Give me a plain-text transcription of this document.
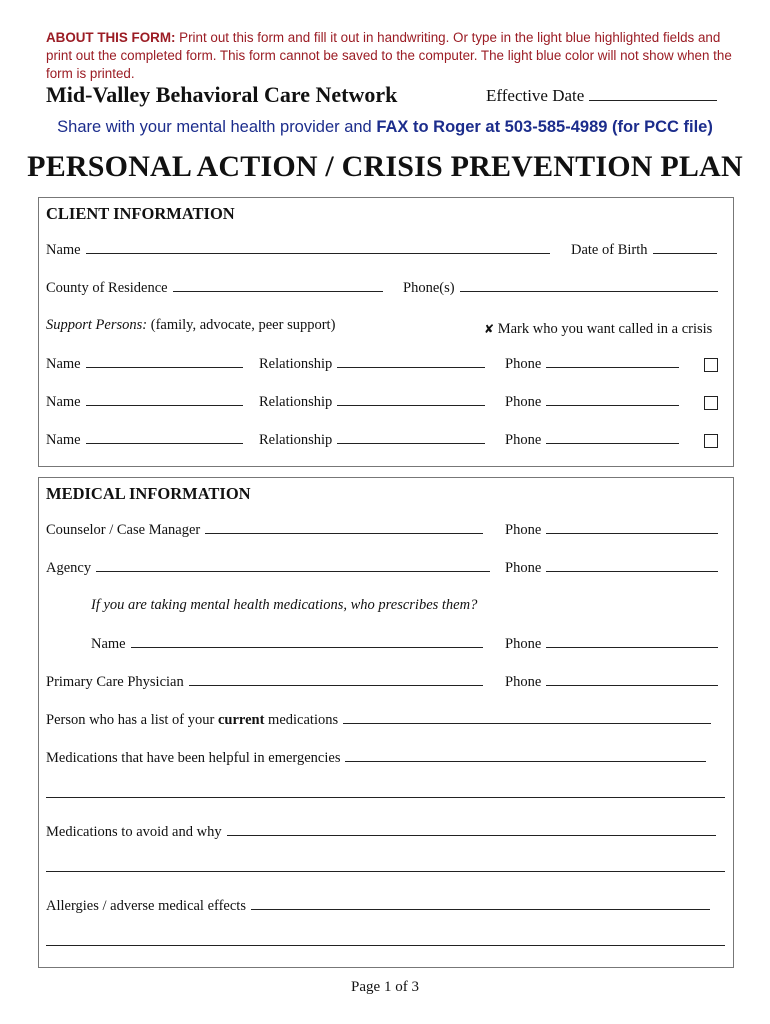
ABOUT THIS FORM: Print out this form and fill it out in handwriting. Or type in the light blue highlighted fields and print out the completed form. This form cannot be saved to the computer. The light blue color will not show when the form is printed.
Mid-Valley Behavioral Care Network	Effective Date
Share with your mental health provider and FAX to Roger at 503-585-4989 (for PCC file)
PERSONAL ACTION / CRISIS PREVENTION PLAN
CLIENT INFORMATION
Name	Date of Birth
County of Residence	Phone(s)
Support Persons: (family, advocate, peer support)	✘ Mark who you want called in a crisis
Name	Relationship	Phone
Name	Relationship	Phone
Name	Relationship	Phone
MEDICAL INFORMATION
Counselor / Case Manager	Phone
Agency	Phone
If you are taking mental health medications, who prescribes them?
Name	Phone
Primary Care Physician	Phone
Person who has a list of your current medications
Medications that have been helpful in emergencies
Medications to avoid and why
Allergies / adverse medical effects
Page 1 of 3
